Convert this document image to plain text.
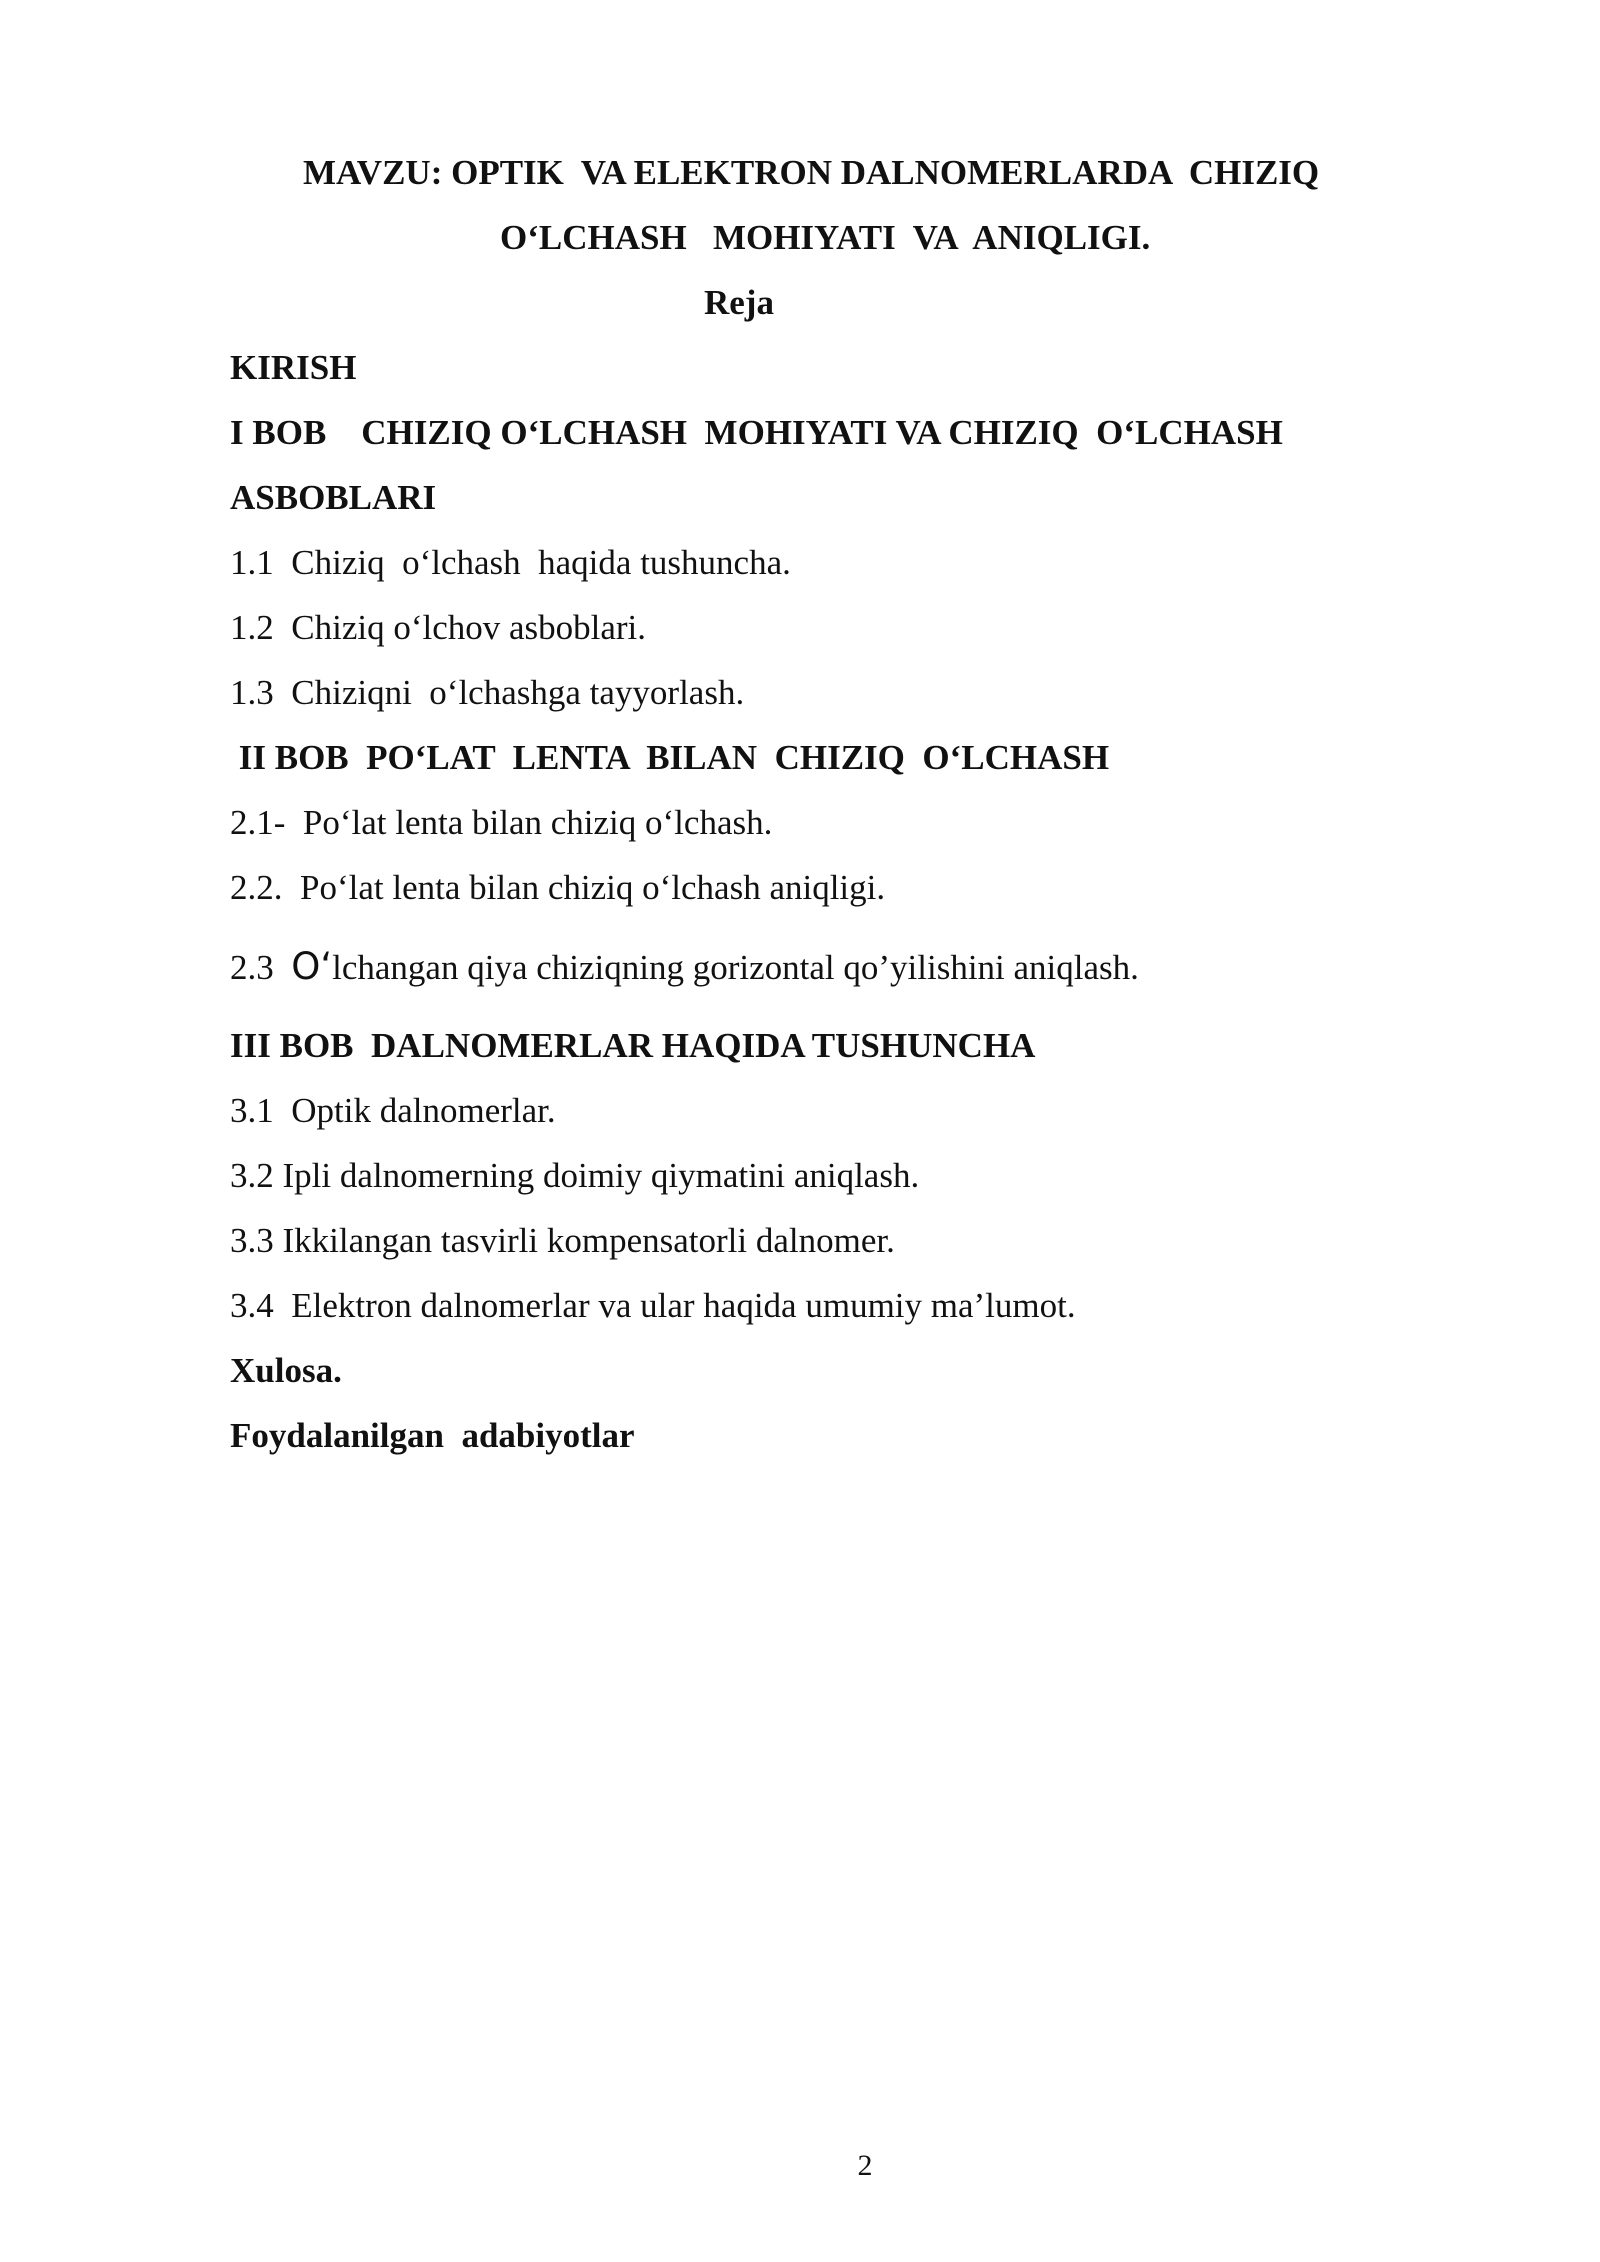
MAVZU: OPTIK  VA ELEKTRON DALNOMERLARDA  CHIZIQ
O‘LCHASH   MOHIYATI  VA  ANIQLIGI.
Reja
KIRISH
I BOB    CHIZIQ O‘LCHASH  MOHIYATI VA CHIZIQ  O‘LCHASH
ASBOBLARI
1.1  Chiziq  o‘lchash  haqida tushuncha.
1.2  Chiziq o‘lchov asboblari.
1.3  Chiziqni  o‘lchashga tayyorlash.
II BOB  PO‘LAT  LENTA  BILAN  CHIZIQ  O‘LCHASH
2.1-  Po‘lat lenta bilan chiziq o‘lchash.
2.2.  Po‘lat lenta bilan chiziq o‘lchash aniqligi.
2.3  O‘lchangan qiya chiziqning gorizontal qo’yilishini aniqlash.
III BOB  DALNOMERLAR HAQIDA TUSHUNCHA
3.1  Optik dalnomerlar.
3.2 Ipli dalnomerning doimiy qiymatini aniqlash.
3.3 Ikkilangan tasvirli kompensatorli dalnomer.
3.4  Elektron dalnomerlar va ular haqida umumiy ma’lumot.
Xulosa.
Foydalanilgan  adabiyotlar
2
